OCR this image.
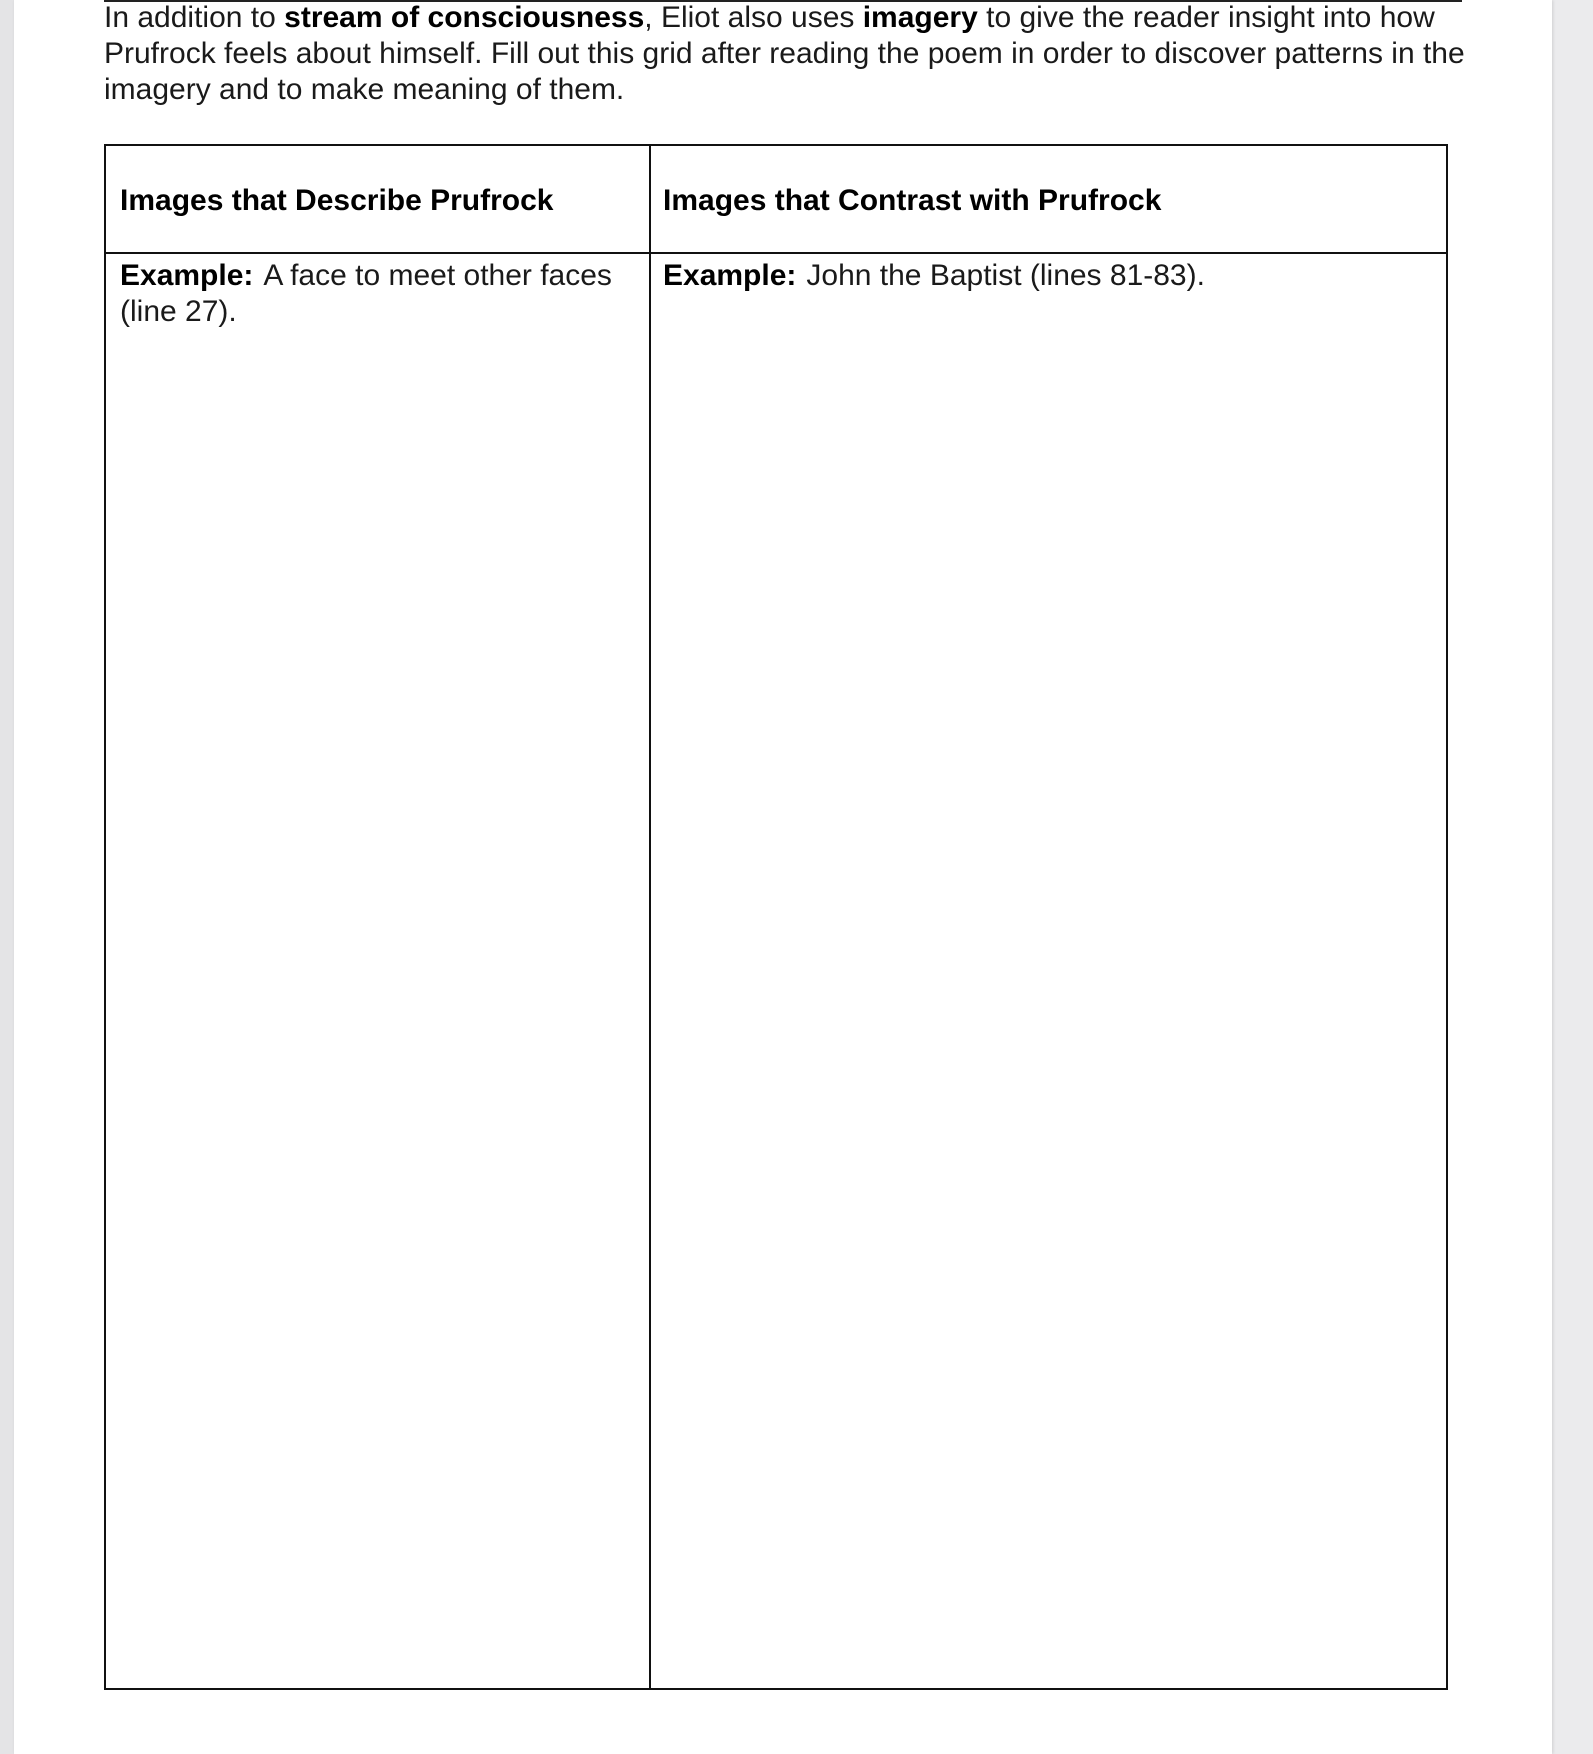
In addition to stream of consciousness, Eliot also uses imagery to give the reader insight into how Prufrock feels about himself. Fill out this grid after reading the poem in order to discover patterns in the imagery and to make meaning of them.

Images that Describe Prufrock	Images that Contrast with Prufrock
Example: A face to meet other faces (line 27).
Example: John the Baptist (lines 81-83).
